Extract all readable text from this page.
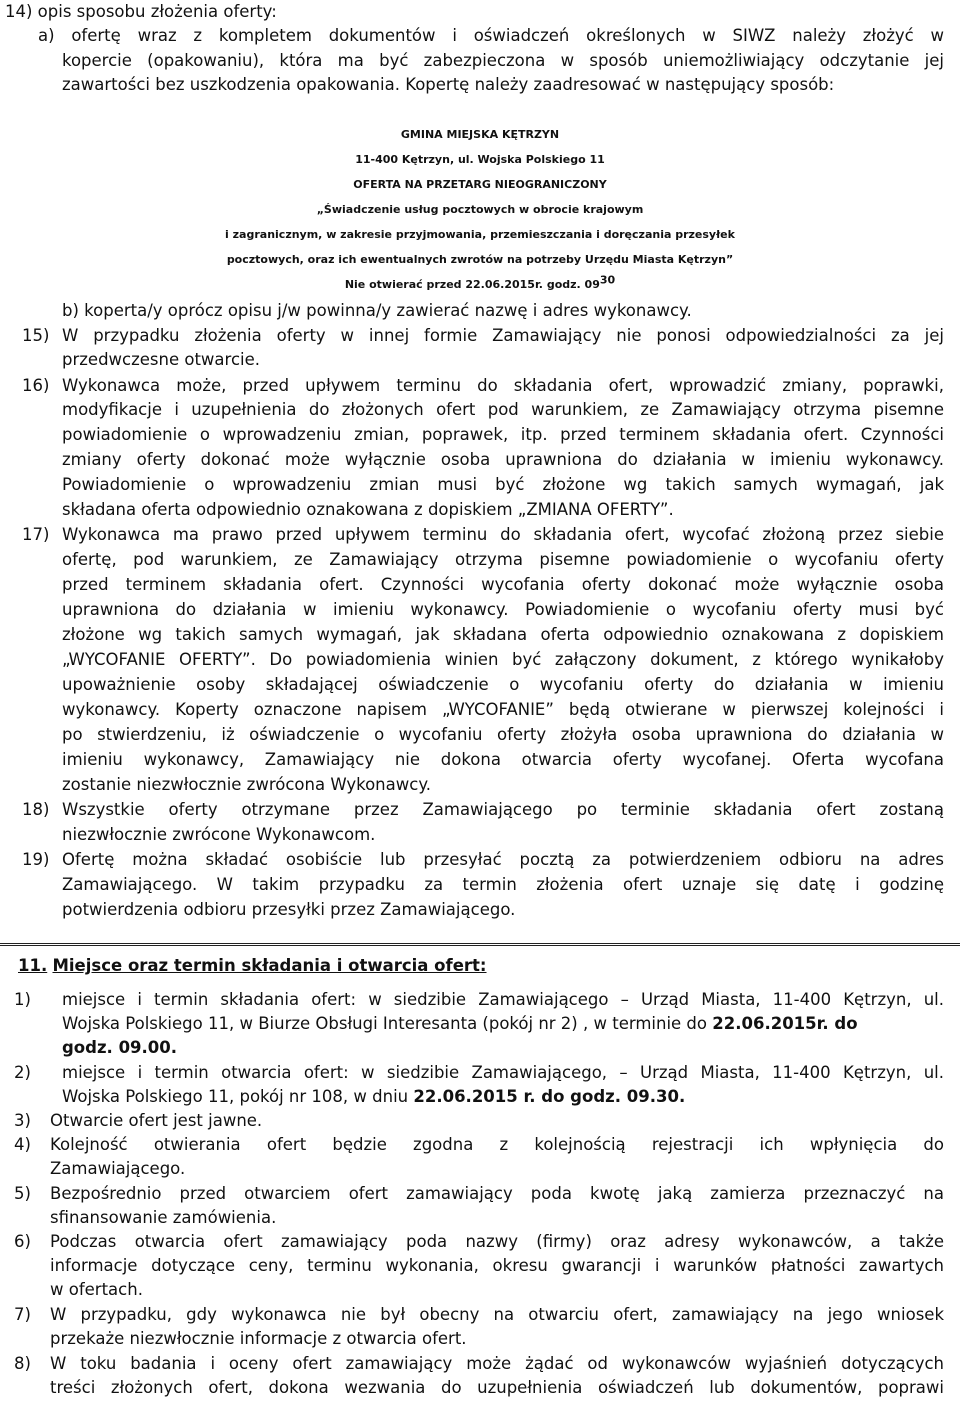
14) opis sposobu złożenia oferty:
a) ofertę wraz z kompletem dokumentów i oświadczeń określonych w SIWZ należy złożyć w
kopercie (opakowaniu), która ma być zabezpieczona w sposób uniemożliwiający odczytanie jej
zawartości bez uszkodzenia opakowania. Kopertę należy zaadresować w następujący sposób:
GMINA MIEJSKA KĘTRZYN
11-400 Kętrzyn, ul. Wojska Polskiego 11
OFERTA NA PRZETARG NIEOGRANICZONY
„Świadczenie usług pocztowych w obrocie krajowym
i zagranicznym, w zakresie przyjmowania, przemieszczania i doręczania przesyłek
pocztowych, oraz ich ewentualnych zwrotów na potrzeby Urzędu Miasta Kętrzyn”
Nie otwierać przed 22.06.2015r. godz. $09^{30}$
b) koperta/y oprócz opisu j/w powinna/y zawierać nazwę i adres wykonawcy.
15) W przypadku złożenia oferty w innej formie Zamawiający nie ponosi odpowiedzialności za jej
przedwczesne otwarcie.
16) Wykonawca może, przed upływem terminu do składania ofert, wprowadzić zmiany, poprawki,
modyfikacje i uzupełnienia do złożonych ofert pod warunkiem, ze Zamawiający otrzyma pisemne
powiadomienie o wprowadzeniu zmian, poprawek, itp. przed terminem składania ofert. Czynności
zmiany oferty dokonać może wyłącznie osoba uprawniona do działania w imieniu wykonawcy.
Powiadomienie o wprowadzeniu zmian musi być złożone wg takich samych wymagań, jak
składana oferta odpowiednio oznakowana z dopiskiem „ZMIANA OFERTY”.
17) Wykonawca ma prawo przed upływem terminu do składania ofert, wycofać złożoną przez siebie
ofertę, pod warunkiem, ze Zamawiający otrzyma pisemne powiadomienie o wycofaniu oferty
przed terminem składania ofert. Czynności wycofania oferty dokonać może wyłącznie osoba
uprawniona do działania w imieniu wykonawcy. Powiadomienie o wycofaniu oferty musi być
złożone wg takich samych wymagań, jak składana oferta odpowiednio oznakowana z dopiskiem
„WYCOFANIE OFERTY”. Do powiadomienia winien być załączony dokument, z którego wynikałoby
upoważnienie osoby składającej oświadczenie o wycofaniu oferty do działania w imieniu
wykonawcy. Koperty oznaczone napisem „WYCOFANIE” będą otwierane w pierwszej kolejności i
po stwierdzeniu, iż oświadczenie o wycofaniu oferty złożyła osoba uprawniona do działania w
imieniu wykonawcy, Zamawiający nie dokona otwarcia oferty wycofanej. Oferta wycofana
zostanie niezwłocznie zwrócona Wykonawcy.
18) Wszystkie oferty otrzymane przez Zamawiającego po terminie składania ofert zostaną
niezwłocznie zwrócone Wykonawcom.
19) Ofertę można składać osobiście lub przesyłać pocztą za potwierdzeniem odbioru na adres
Zamawiającego. W takim przypadku za termin złożenia ofert uznaje się datę i godzinę
potwierdzenia odbioru przesyłki przez Zamawiającego.
11. Miejsce oraz termin składania i otwarcia ofert:
1) miejsce i termin składania ofert: w siedzibie Zamawiającego – Urząd Miasta, 11-400 Kętrzyn, ul.
Wojska Polskiego 11, w Biurze Obsługi Interesanta (pokój nr 2) , w terminie do 22.06.2015r. do
godz. 09.00.
2) miejsce i termin otwarcia ofert: w siedzibie Zamawiającego, – Urząd Miasta, 11-400 Kętrzyn, ul.
Wojska Polskiego 11, pokój nr 108, w dniu 22.06.2015 r. do godz. 09.30.
3) Otwarcie ofert jest jawne.
4) Kolejność otwierania ofert będzie zgodna z kolejnością rejestracji ich wpłynięcia do
Zamawiającego.
5) Bezpośrednio przed otwarciem ofert zamawiający poda kwotę jaką zamierza przeznaczyć na
sfinansowanie zamówienia.
6) Podczas otwarcia ofert zamawiający poda nazwy (firmy) oraz adresy wykonawców, a także
informacje dotyczące ceny, terminu wykonania, okresu gwarancji i warunków płatności zawartych
w ofertach.
7) W przypadku, gdy wykonawca nie był obecny na otwarciu ofert, zamawiający na jego wniosek
przekaże niezwłocznie informacje z otwarcia ofert.
8) W toku badania i oceny ofert zamawiający może żądać od wykonawców wyjaśnień dotyczących
treści złożonych ofert, dokona wezwania do uzupełnienia oświadczeń lub dokumentów, poprawi
